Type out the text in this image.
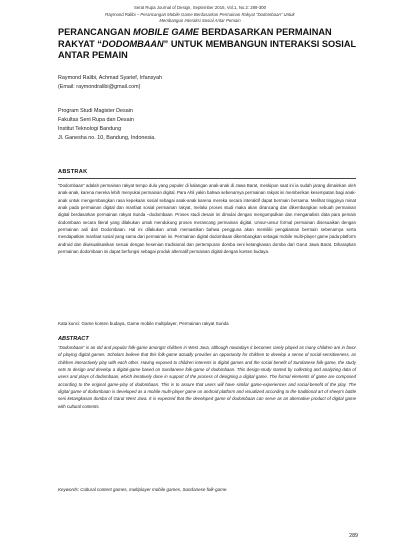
Serat Rupa Journal of Design, September 2016, Vol.1, No.2: 289-300
Raymond Ralibi – Perancangan Mobile Game Berdasarkan Permainan Rakyat “Dodombaan” Untuk
Membangun Interaksi Sosial Antar Pemain
PERANCANGAN MOBILE GAME BERDASARKAN PERMAINAN RAKYAT “DODOMBAAN” UNTUK MEMBANGUN INTERAKSI SOSIAL ANTAR PEMAIN
Raymond Ralibi, Achmad Syarief, Irfansyah
(Email: raymondralibi@gmail.com)
Program Studi Magister Desain
Fakultas Seni Rupa dan Desain
Institut Teknologi Bandung
Jl. Ganesha no. 10, Bandung, Indonesia.
ABSTRAK
“Dodombaan” adalah permainan rakyat tempo dulu yang populer di kalangan anak-anak di Jawa Barat, meskipun saat ini ia sudah jarang dimainkan oleh anak-anak, karena mereka lebih menyukai permainan digital. Para Ahli yakin bahwa sebenarnya permainan rakyat ini memberikan kesempatan bagi anak-anak untuk mengembangkan rasa kepekaan sosial sebagai anak-anak karena mereka secara interaktif dapat bermain bersama. Melihat tingginya minat anak pada permainan digital dan manfaat sosial permainan rakyat, melalui proses studi maka akan dirancang dan dikembangkan sebuah permainan digital berdasarkan permainan rakyat Sunda –dodombaan. Proses studi desain ini dimulai dengan mengumpulkan dan menganalisis data para pemain dodombaan secara literal yang dilakukan untuk mendukung proses merancang permainan digital. Unsur-unsur formal permainan disesuaikan dengan permainan asli dari Dodombaan. Hal ini dilakukan untuk memastikan bahwa pengguna akan memiliki pengalaman bermain sebenarnya serta mendapatkan manfaat sosial yang sama dari permainan ini. Permainan digital dodombaan dikembangkan sebagai mobile multi-player game pada platform android dan diwisualisasikan sesuai dengan kesenian tradisional dan pertempuran domba seni ketangkasan domba dari Garut Jawa Barat. Diharapkan permainan dodombaan ini dapat berfungsi sebagai produk alternatif permainan digital dengan konten budaya.
Kata kunci: Game konten budaya, Game mobile multiplayer, Permainan rakyat Sunda
ABSTRACT
“Dodombaan” is an old and popular folk-game amongst children in West Java, although nowadays it becomes rarely played as many children are in favor of playing digital games. Scholars believe that this folk-game actually provides an opportunity for children to develop a sense of social-sensitiveness, as children interactively play with each other. Having exposed to children interests in digital games and the social benefit of Sundanese folk-game, the study sets to design and develop a digital-game based on Sundanese folk-game of dodombaan. This design-study started by collecting and analyzing data of users and plays of dodombaan, which iteratively done in support of the process of designing a digital game. The formal elements of game are composed according to the original game-play of dodombaan. This is to assure that users will have similar game-experiences and social-benefit of the play. The digital game of dodombaan is developed as a mobile multi-player game on android platform and visualized according to the traditional art of sheep's battle seni ketangkasan domba of Garut West Java. It is expected that the developed game of dodombaan can serve as an alternative product of digital game with cultural contents.
Keywords: Cultural content games, multiplayer mobile games, Sundanese folk-game.
289
